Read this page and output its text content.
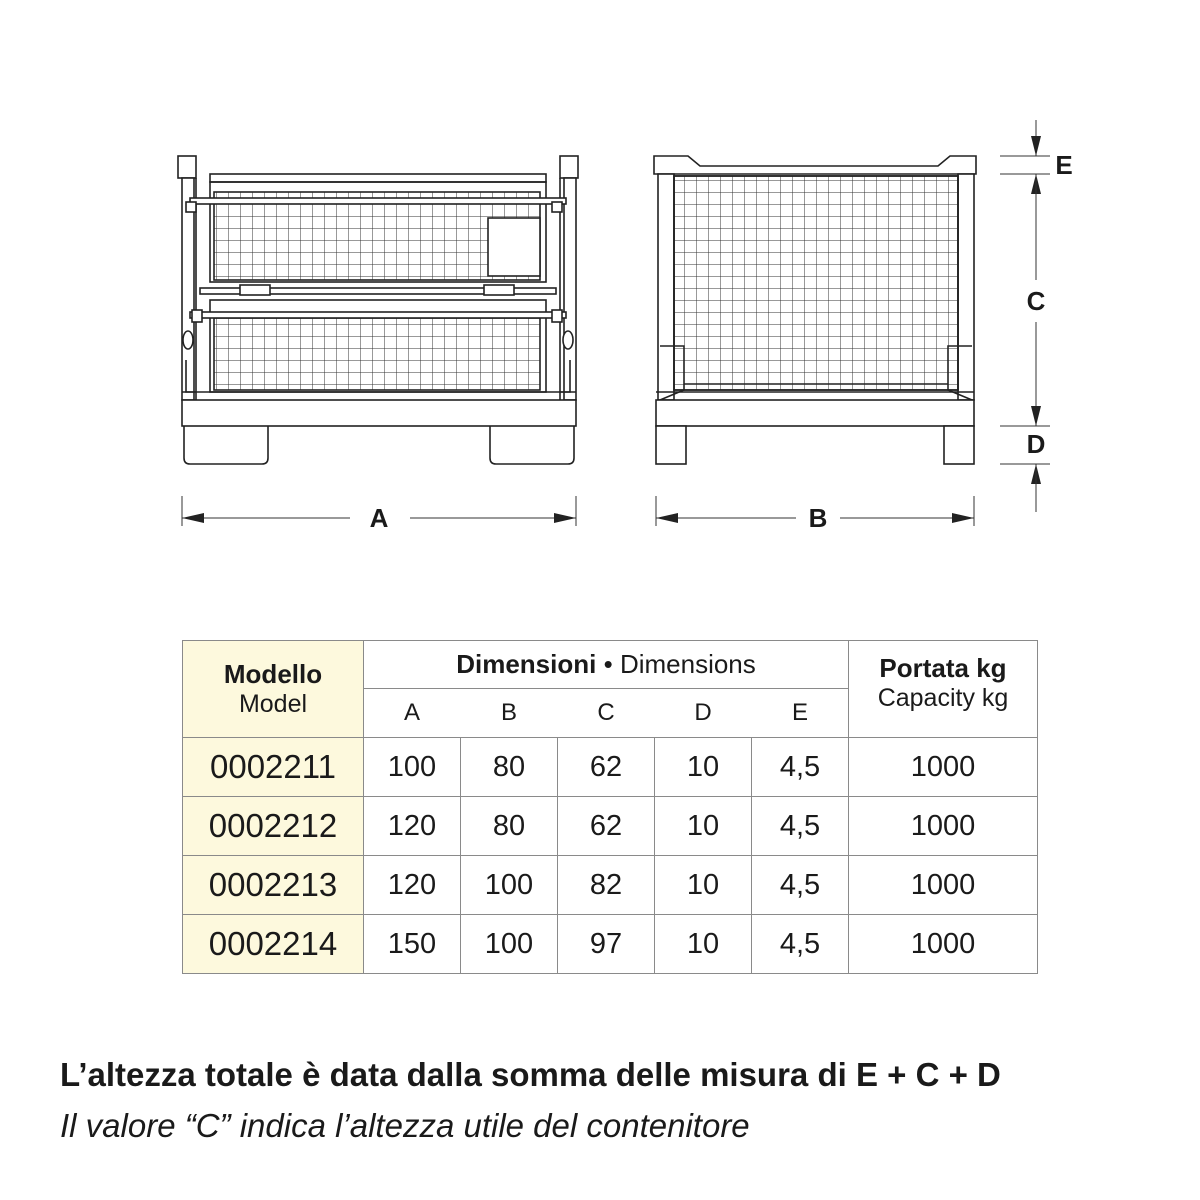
A	B
E
C
D
Modello
Model	Dimensioni • Dimensions					Portata kg
Capacity kg

	A	B	C	D	E	
0002211	100	80	62	10	4,5	1000
0002212	120	80	62	10	4,5	1000
0002213	120	100	82	10	4,5	1000
0002214	150	100	97	10	4,5	1000
L’altezza totale è data dalla somma delle misura di E + C + D
Il valore “C” indica l’altezza utile del contenitore
